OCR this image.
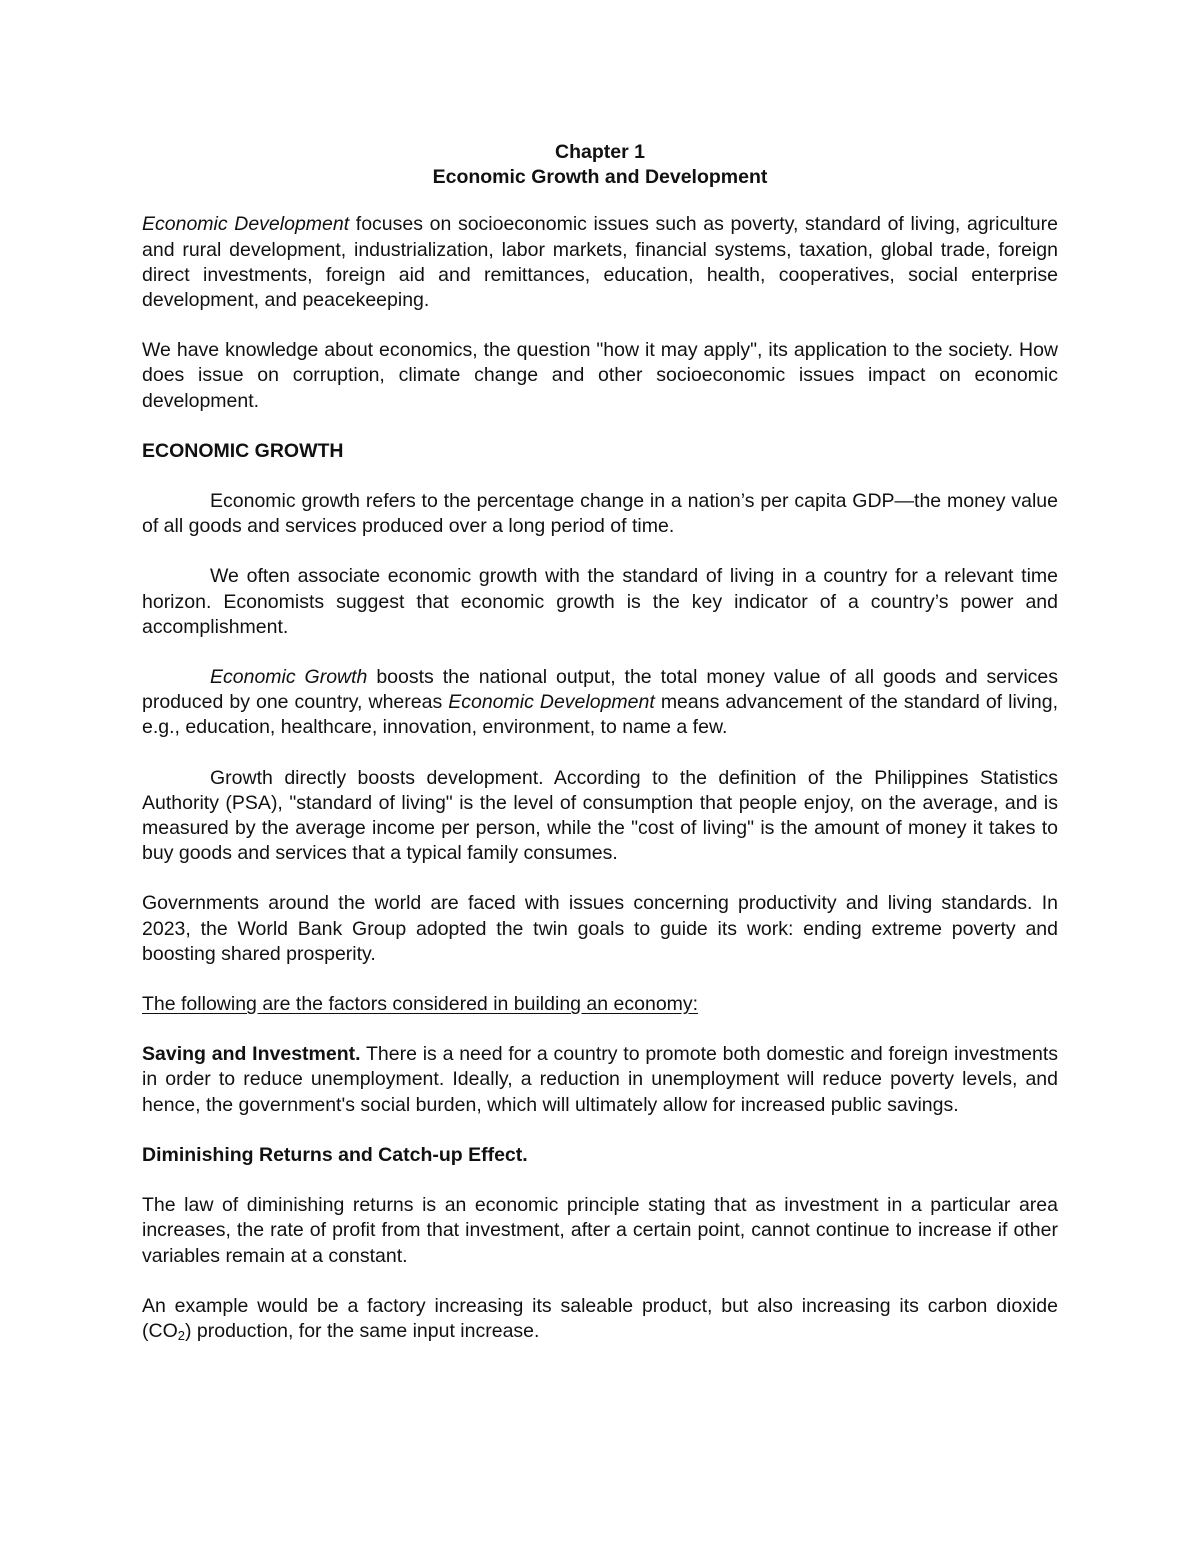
Chapter 1

Economic Growth and Development

Economic Development focuses on socioeconomic issues such as poverty, standard of living, agriculture and rural development, industrialization, labor markets, financial systems, taxation, global trade, foreign direct investments, foreign aid and remittances, education, health, cooperatives, social enterprise development, and peacekeeping.

We have knowledge about economics, the question "how it may apply", its application to the society. How does issue on corruption, climate change and other socioeconomic issues impact on economic development.

ECONOMIC GROWTH

Economic growth refers to the percentage change in a nation’s per capita GDP—the money value of all goods and services produced over a long period of time.

We often associate economic growth with the standard of living in a country for a relevant time horizon. Economists suggest that economic growth is the key indicator of a country’s power and accomplishment.

Economic Growth boosts the national output, the total money value of all goods and services produced by one country, whereas Economic Development means advancement of the standard of living, e.g., education, healthcare, innovation, environment, to name a few.

Growth directly boosts development. According to the definition of the Philippines Statistics Authority (PSA), "standard of living" is the level of consumption that people enjoy, on the average, and is measured by the average income per person, while the "cost of living" is the amount of money it takes to buy goods and services that a typical family consumes.

Governments around the world are faced with issues concerning productivity and living standards. In 2023, the World Bank Group adopted the twin goals to guide its work: ending extreme poverty and boosting shared prosperity.

The following are the factors considered in building an economy:

Saving and Investment. There is a need for a country to promote both domestic and foreign investments in order to reduce unemployment. Ideally, a reduction in unemployment will reduce poverty levels, and hence, the government's social burden, which will ultimately allow for increased public savings.

Diminishing Returns and Catch-up Effect.

The law of diminishing returns is an economic principle stating that as investment in a particular area increases, the rate of profit from that investment, after a certain point, cannot continue to increase if other variables remain at a constant.

An example would be a factory increasing its saleable product, but also increasing its carbon dioxide $(CO_2)$ production, for the same input increase.
